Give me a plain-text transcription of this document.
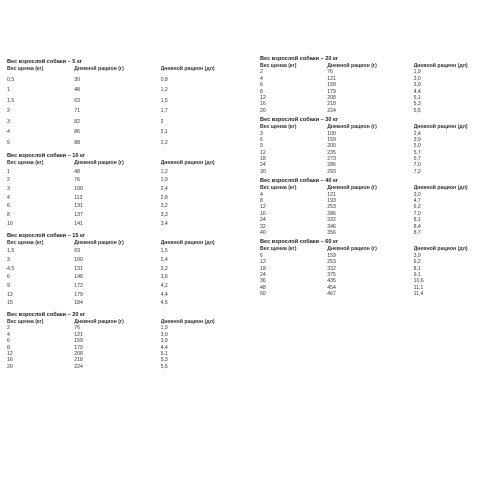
Вес взрослой собаки – 5 кг
Вес щенка (кг)	Дневной рацион (г)	Дневной рацион (дл)
0,5	30	0,8
1	48	1,2
1,5	63	1,5
2	71	1,7
3	82	2
4	86	2,1
5	88	2,2
Вес взрослой собаки – 10 кг
Вес щенка (кг)	Дневной рацион (г)	Дневной рацион (дл)
1	48	1,2
2	76	1,9
3	100	2,4
4	113	2,8
6	131	3,2
8	137	3,3
10	141	3,4
Вес взрослой собаки – 15 кг
Вес щенка (кг)	Дневной рацион (г)	Дневной рацион (дл)
1,5	63	1,5
3	100	2,4
4,5	131	3,2
6	148	3,6
9	172	4,2
12	179	4,4
15	184	4,5
Вес взрослой собаки – 20 кг
Вес щенка (кг)	Дневной рацион (г)	Дневной рацион (дл)
2	76	1,9
4	121	3,0
6	159	3,9
8	179	4,4
12	208	5,1
16	218	5,3
20	224	5,5
Вес взрослой собаки – 20 кг
Вес щенка (кг)	Дневной рацион (г)	Дневной рацион (дл)
2	76	1,9
4	121	3,0
6	159	3,9
8	179	4,4
12	208	5,1
16	218	5,3
20	224	5,5
Вес взрослой собаки – 30 кг
Вес щенка (кг)	Дневной рацион (г)	Дневной рацион (дл)
3	100	2,4
6	159	3,9
9	200	5,0
12	235	5,7
18	273	6,7
24	286	7,0
30	293	7,2
Вес взрослой собаки – 40 кг
Вес щенка (кг)	Дневной рацион (г)	Дневной рацион (дл)
4	121	3,0
8	193	4,7
12	253	6,2
16	286	7,0
24	332	8,1
32	346	8,4
40	356	8,7
Вес взрослой собаки – 60 кг
Вес щенка (кг)	Дневной рацион (г)	Дневной рацион (дл)
6	159	3,9
12	253	6,2
18	332	8,1
24	375	9,1
36	435	10,6
48	454	11,1
60	467	11,4
